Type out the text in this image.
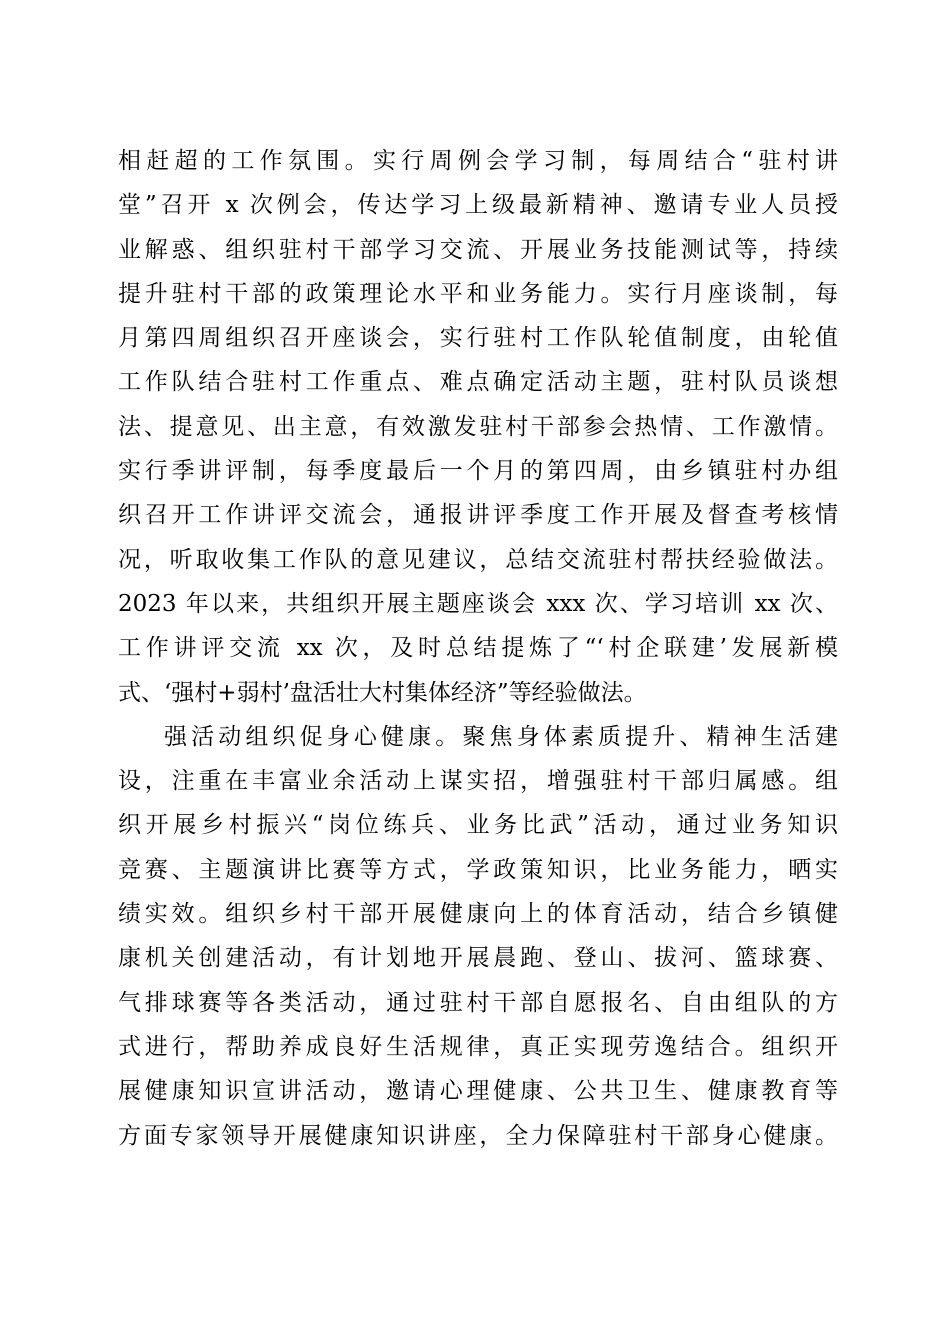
相赶超的工作氛围。实行周例会学习制，每周结合“驻村讲
堂”召开 x 次例会，传达学习上级最新精神、邀请专业人员授
业解惑、组织驻村干部学习交流、开展业务技能测试等，持续
提升驻村干部的政策理论水平和业务能力。实行月座谈制，每
月第四周组织召开座谈会，实行驻村工作队轮值制度，由轮值
工作队结合驻村工作重点、难点确定活动主题，驻村队员谈想
法、提意见、出主意，有效激发驻村干部参会热情、工作激情。
实行季讲评制，每季度最后一个月的第四周，由乡镇驻村办组
织召开工作讲评交流会，通报讲评季度工作开展及督查考核情
况，听取收集工作队的意见建议，总结交流驻村帮扶经验做法。
2023 年以来，共组织开展主题座谈会 xxx 次、学习培训 xx 次、
工作讲评交流 xx 次，及时总结提炼了“‘村企联建’发展新模
式、‘强村+弱村’盘活壮大村集体经济”等经验做法。
强活动组织促身心健康。聚焦身体素质提升、精神生活建
设，注重在丰富业余活动上谋实招，增强驻村干部归属感。组
织开展乡村振兴“岗位练兵、业务比武”活动，通过业务知识
竞赛、主题演讲比赛等方式，学政策知识，比业务能力，晒实
绩实效。组织乡村干部开展健康向上的体育活动，结合乡镇健
康机关创建活动，有计划地开展晨跑、登山、拔河、篮球赛、
气排球赛等各类活动，通过驻村干部自愿报名、自由组队的方
式进行，帮助养成良好生活规律，真正实现劳逸结合。组织开
展健康知识宣讲活动，邀请心理健康、公共卫生、健康教育等
方面专家领导开展健康知识讲座，全力保障驻村干部身心健康。
